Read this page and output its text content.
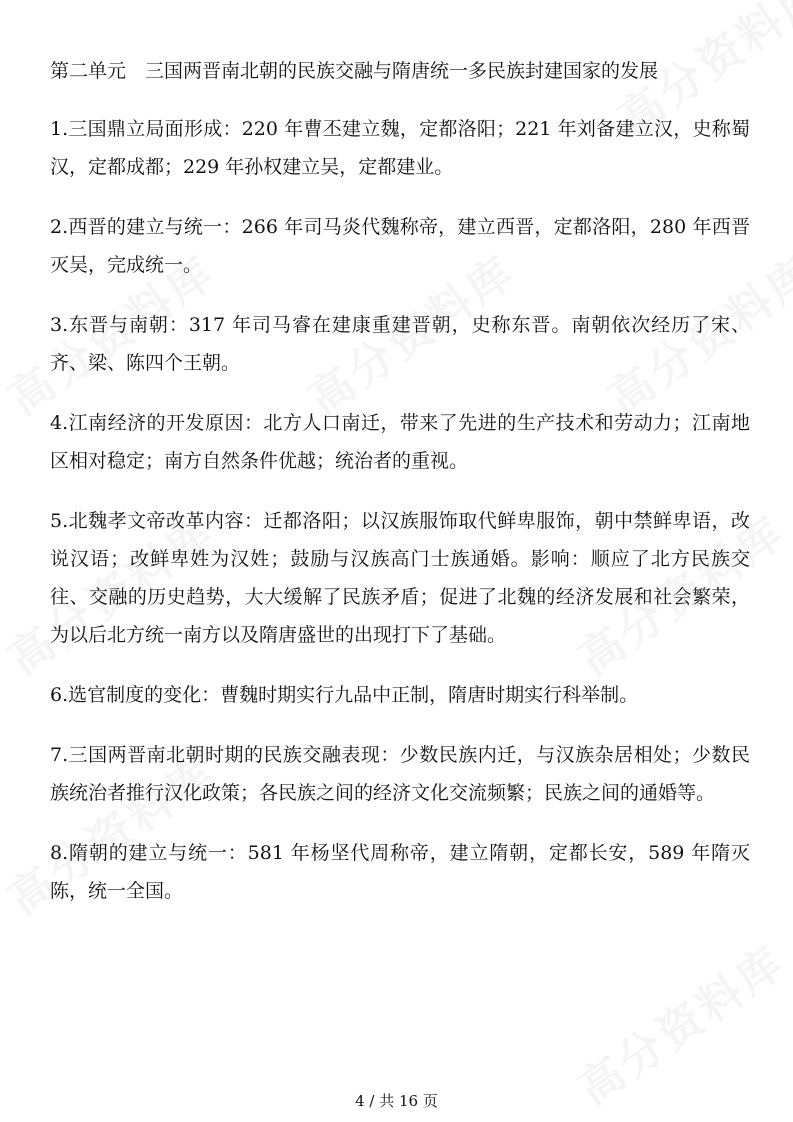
第二单元　三国两晋南北朝的民族交融与隋唐统一多民族封建国家的发展

1.三国鼎立局面形成：220 年曹丕建立魏，定都洛阳；221 年刘备建立汉，史称蜀汉，定都成都；229 年孙权建立吴，定都建业。

2.西晋的建立与统一：266 年司马炎代魏称帝，建立西晋，定都洛阳，280 年西晋灭吴，完成统一。

3.东晋与南朝：317 年司马睿在建康重建晋朝，史称东晋。南朝依次经历了宋、齐、梁、陈四个王朝。

4.江南经济的开发原因：北方人口南迁，带来了先进的生产技术和劳动力；江南地区相对稳定；南方自然条件优越；统治者的重视。

5.北魏孝文帝改革内容：迁都洛阳；以汉族服饰取代鲜卑服饰，朝中禁鲜卑语，改说汉语；改鲜卑姓为汉姓；鼓励与汉族高门士族通婚。影响：顺应了北方民族交往、交融的历史趋势，大大缓解了民族矛盾；促进了北魏的经济发展和社会繁荣，为以后北方统一南方以及隋唐盛世的出现打下了基础。

6.选官制度的变化：曹魏时期实行九品中正制，隋唐时期实行科举制。

7.三国两晋南北朝时期的民族交融表现：少数民族内迁，与汉族杂居相处；少数民族统治者推行汉化政策；各民族之间的经济文化交流频繁；民族之间的通婚等。

8.隋朝的建立与统一：581 年杨坚代周称帝，建立隋朝，定都长安，589 年隋灭陈，统一全国。

4 / 共 16 页
